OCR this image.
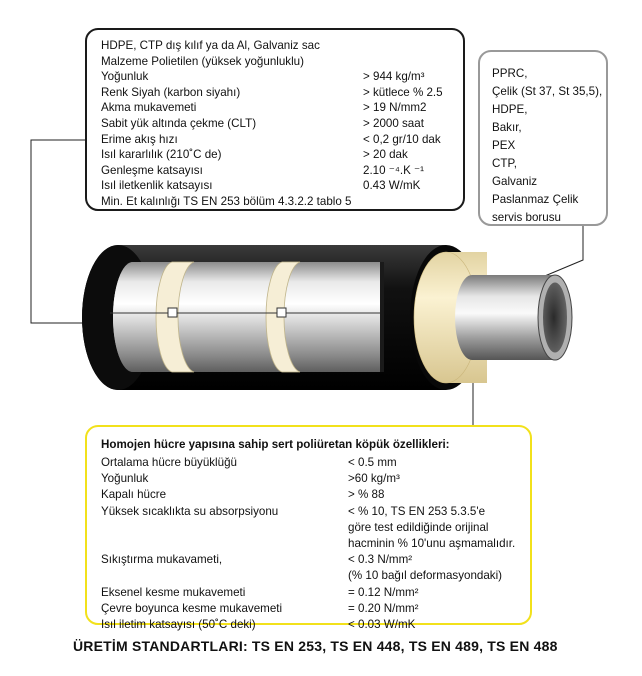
HDPE, CTP dış kılıf ya da Al, Galvaniz sac
Malzeme Polietilen (yüksek yoğunluklu)
Yoğunluk	> 944 kg/m³
Renk Siyah (karbon siyahı)	> kütlece % 2.5
Akma mukavemeti	> 19 N/mm2
Sabit yük altında çekme (CLT)	> 2000 saat
Erime akış hızı	< 0,2 gr/10 dak
Isıl kararlılık (210˚C de)	> 20 dak
Genleşme katsayısı	2.10 ⁻⁴.K ⁻¹
Isıl iletkenlik katsayısı	0.43 W/mK
Min. Et kalınlığı TS EN 253 bölüm 4.3.2.2 tablo 5
PPRC,
Çelik (St 37, St 35,5),
HDPE,
Bakır,
PEX
CTP,
Galvaniz
Paslanmaz Çelik
servis borusu
Homojen hücre yapısına sahip sert poliüretan köpük özellikleri:
Ortalama hücre büyüklüğü	< 0.5 mm
Yoğunluk	>60 kg/m³
Kapalı hücre	> % 88
Yüksek sıcaklıkta su absorpsiyonu	< % 10, TS EN 253 5.3.5'e
göre test edildiğinde orijinal
hacminin % 10'unu aşmamalıdır.
Sıkıştırma mukavameti,	< 0.3 N/mm²
(% 10 bağıl deformasyondaki)
Eksenel kesme mukavemeti	= 0.12 N/mm²
Çevre boyunca kesme mukavemeti	= 0.20 N/mm²
Isıl iletim katsayısı (50˚C deki)	< 0.03 W/mK
ÜRETİM STANDARTLARI: TS EN 253, TS EN 448, TS EN 489, TS EN 488
